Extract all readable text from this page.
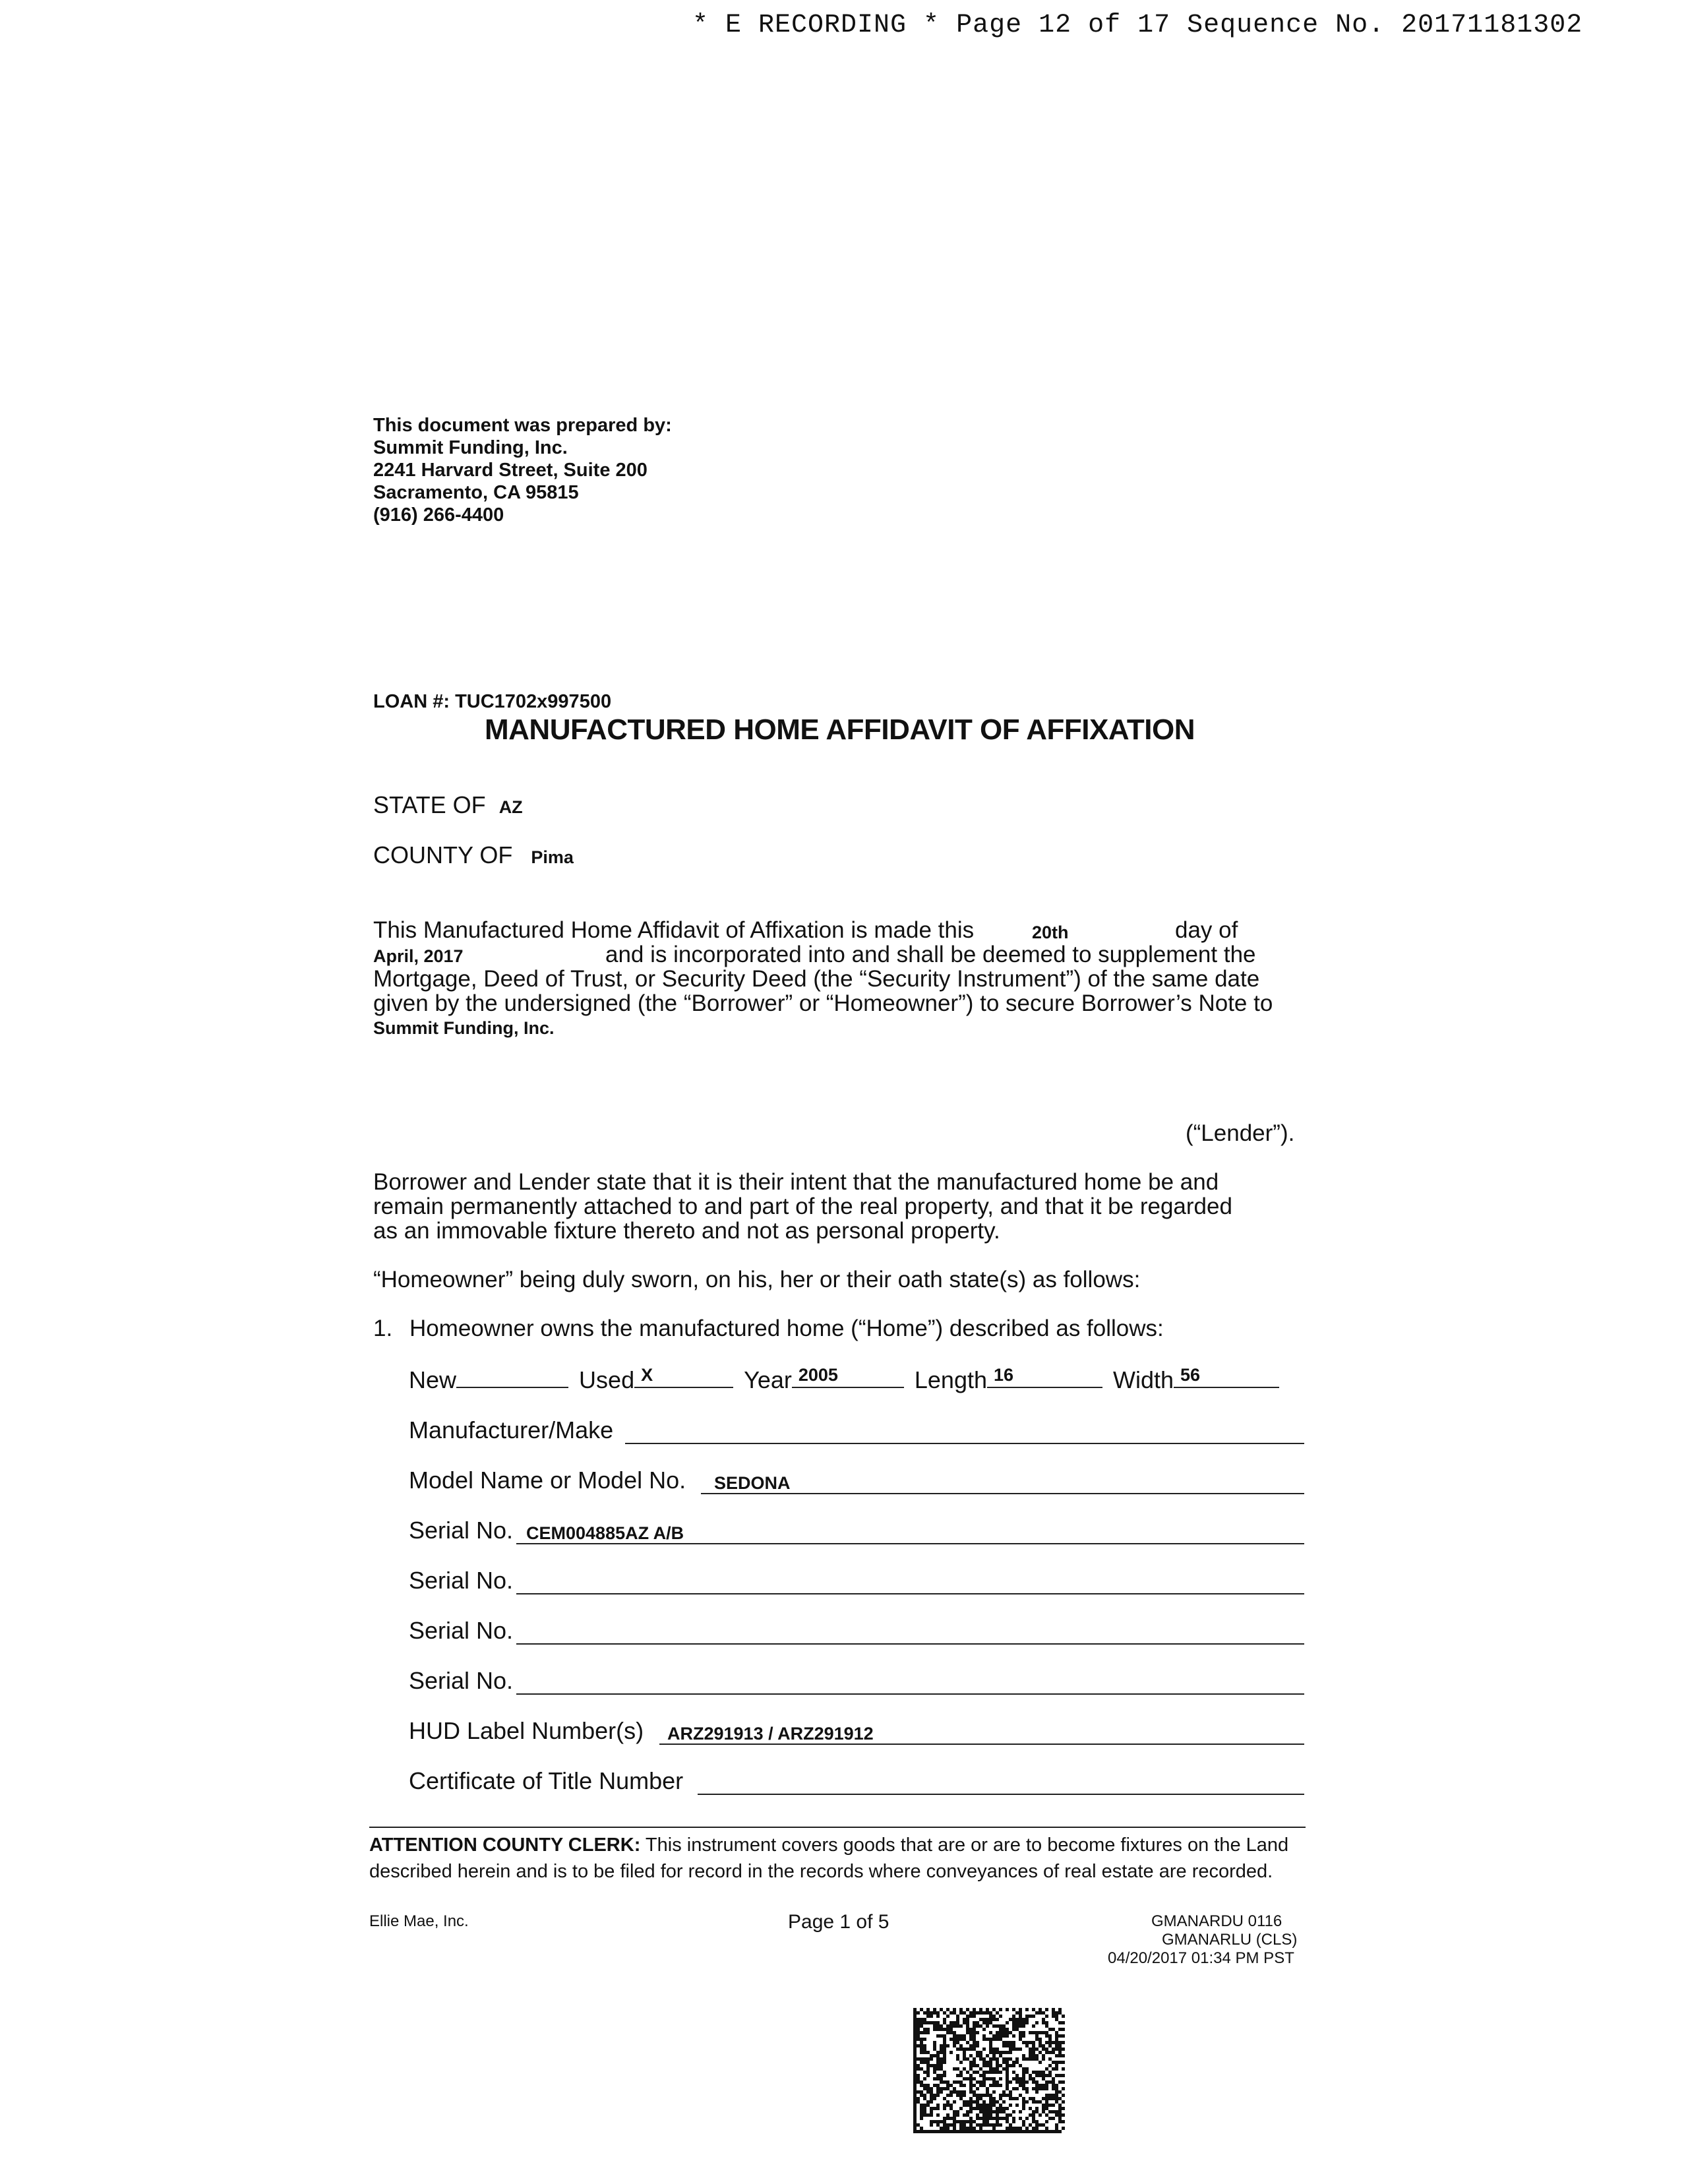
* E RECORDING * Page 12 of 17 Sequence No. 20171181302
This document was prepared by:
Summit Funding, Inc.
2241 Harvard Street, Suite 200
Sacramento, CA 95815
(916) 266-4400
LOAN #: TUC1702x997500
MANUFACTURED HOME AFFIDAVIT OF AFFIXATION
STATE OF AZ
COUNTY OF Pima
This Manufactured Home Affidavit of Affixation is made this	20th	day of
April, 2017	and is incorporated into and shall be deemed to supplement the
Mortgage, Deed of Trust, or Security Deed (the “Security Instrument”) of the same date
given by the undersigned (the “Borrower” or “Homeowner”) to secure Borrower’s Note to
Summit Funding, Inc.
(“Lender”).
Borrower and Lender state that it is their intent that the manufactured home be and
remain permanently attached to and part of the real property, and that it be regarded
as an immovable fixture thereto and not as personal property.
“Homeowner” being duly sworn, on his, her or their oath state(s) as follows:
1. Homeowner owns the manufactured home (“Home”) described as follows:
New	Used X	Year 2005	Length 16	Width 56
Manufacturer/Make
Model Name or Model No. SEDONA
Serial No. CEM004885AZ A/B
Serial No.
Serial No.
Serial No.
HUD Label Number(s) ARZ291913 / ARZ291912
Certificate of Title Number
ATTENTION COUNTY CLERK: This instrument covers goods that are or are to become fixtures on the Land
described herein and is to be filed for record in the records where conveyances of real estate are recorded.
Ellie Mae, Inc.	Page 1 of 5	GMANARDU 0116
GMANARLU (CLS)
04/20/2017 01:34 PM PST
